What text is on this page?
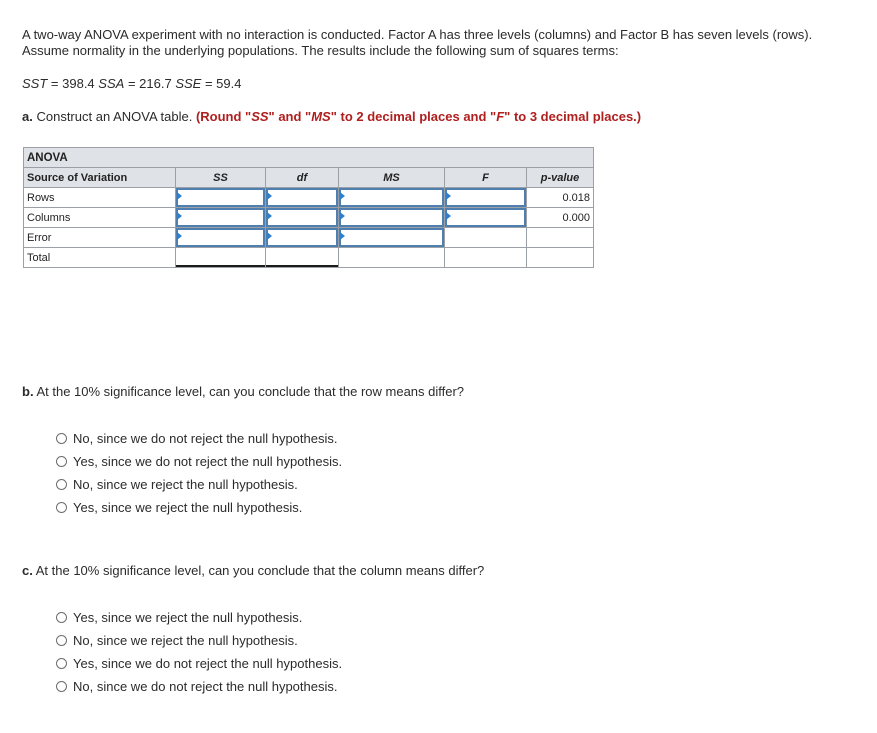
A two-way ANOVA experiment with no interaction is conducted. Factor A has three levels (columns) and Factor B has seven levels (rows). Assume normality in the underlying populations. The results include the following sum of squares terms:
SST = 398.4 SSA = 216.7 SSE = 59.4
a. Construct an ANOVA table. (Round "SS" and "MS" to 2 decimal places and "F" to 3 decimal places.)
ANOVA					
Source of Variation	SS	df	MS	F	p-value
Rows					0.018
Columns					0.000
Error	

Total	

b. At the 10% significance level, can you conclude that the row means differ?
No, since we do not reject the null hypothesis.
Yes, since we do not reject the null hypothesis.
No, since we reject the null hypothesis.
Yes, since we reject the null hypothesis.
c. At the 10% significance level, can you conclude that the column means differ?
Yes, since we reject the null hypothesis.
No, since we reject the null hypothesis.
Yes, since we do not reject the null hypothesis.
No, since we do not reject the null hypothesis.
